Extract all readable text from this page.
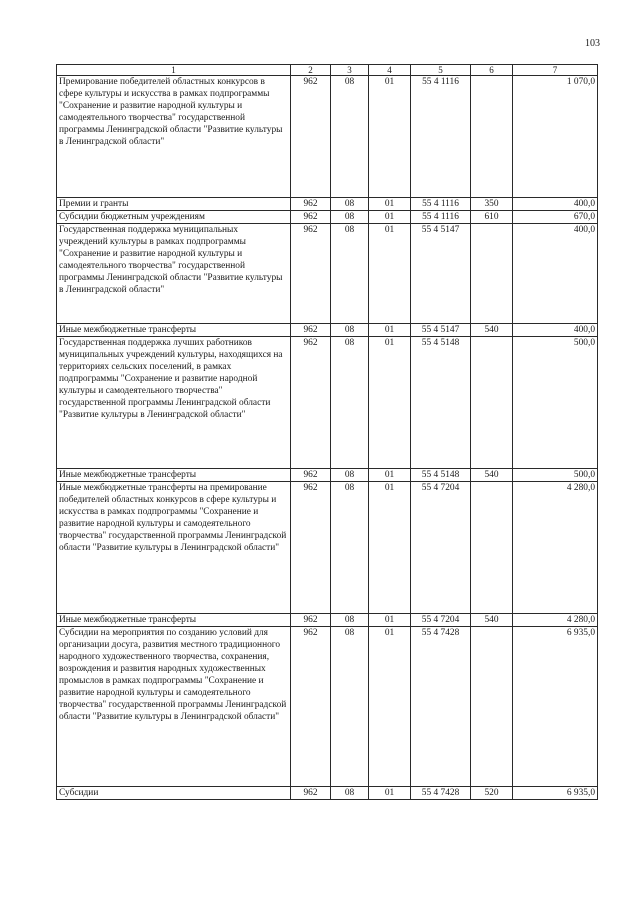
103
1	2	3	4	5	6	7
Премирование победителей областных конкурсов в сфере культуры и искусства в рамках подпрограммы "Сохранение и развитие народной культуры и самодеятельного творчества" государственной программы Ленинградской области "Развитие культуры в Ленинградской области"	962	08	01	55 4 1116		1 070,0
Премии и гранты	962	08	01	55 4 1116	350	400,0
Субсидии бюджетным учреждениям	962	08	01	55 4 1116	610	670,0
Государственная поддержка муниципальных учреждений культуры в рамках подпрограммы "Сохранение и развитие народной культуры и самодеятельного творчества" государственной программы Ленинградской области "Развитие культуры в Ленинградской области"	962	08	01	55 4 5147		400,0
Иные межбюджетные трансферты	962	08	01	55 4 5147	540	400,0
Государственная поддержка лучших работников муниципальных учреждений культуры, находящихся на территориях сельских поселений, в рамках подпрограммы "Сохранение и развитие народной культуры и самодеятельного творчества" государственной программы Ленинградской области "Развитие культуры в Ленинградской области"	962	08	01	55 4 5148		500,0
Иные межбюджетные трансферты	962	08	01	55 4 5148	540	500,0
Иные межбюджетные трансферты на премирование победителей областных конкурсов в сфере культуры и искусства в рамках подпрограммы "Сохранение и развитие народной культуры и самодеятельного творчества" государственной программы Ленинградской области "Развитие культуры в Ленинградской области"	962	08	01	55 4 7204		4 280,0
Иные межбюджетные трансферты	962	08	01	55 4 7204	540	4 280,0
Субсидии на мероприятия по созданию условий для организации досуга, развития местного традиционного народного художественного творчества, сохранения, возрождения и развития народных художественных промыслов в рамках подпрограммы "Сохранение и развитие народной культуры и самодеятельного творчества" государственной программы Ленинградской области "Развитие культуры в Ленинградской области"	962	08	01	55 4 7428		6 935,0
Субсидии	962	08	01	55 4 7428	520	6 935,0
